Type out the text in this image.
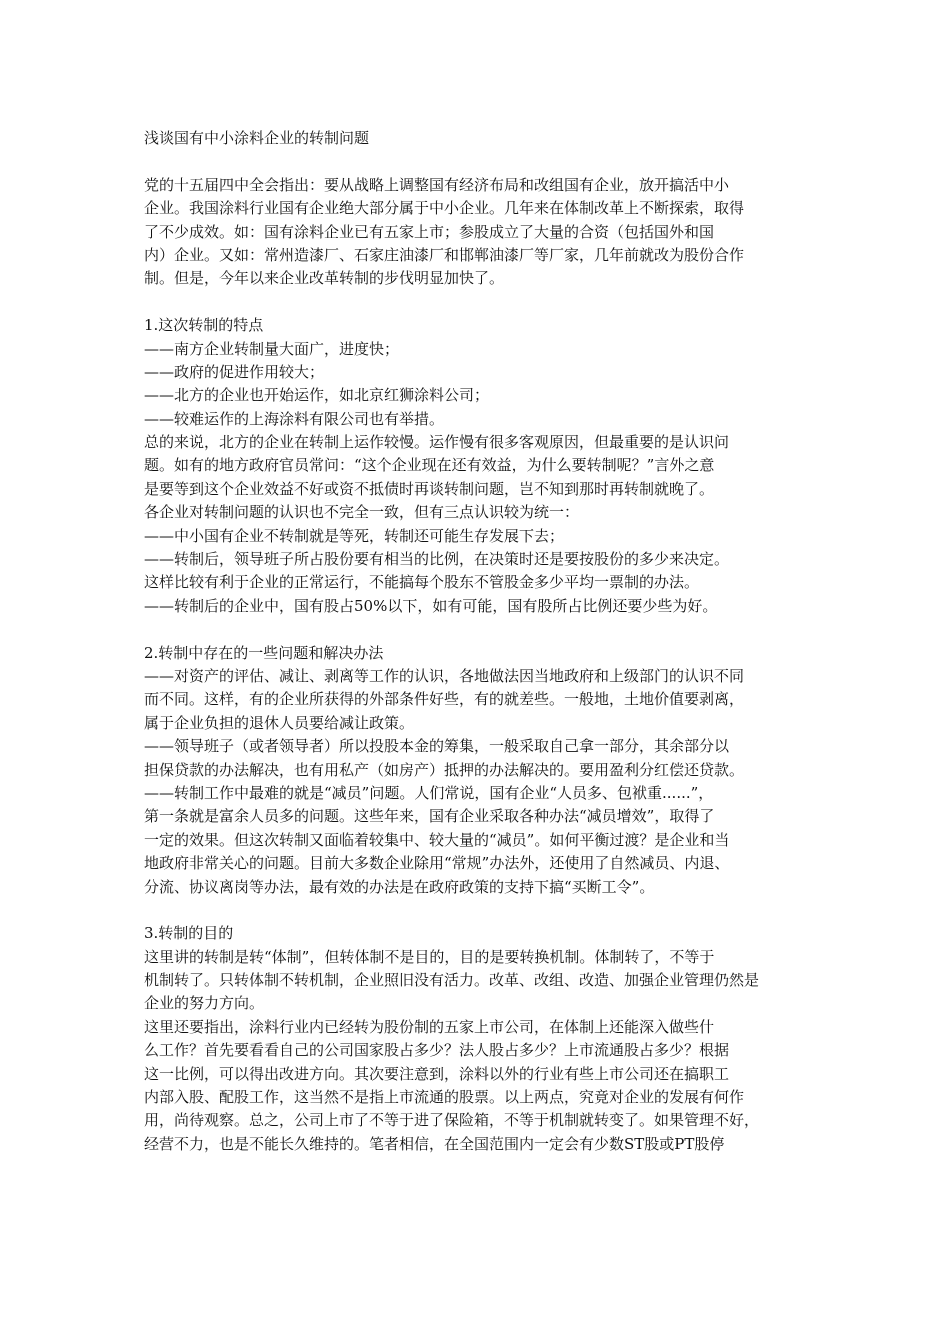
浅谈国有中小涂料企业的转制问题
党的十五届四中全会指出：要从战略上调整国有经济布局和改组国有企业，放开搞活中小
企业。我国涂料行业国有企业绝大部分属于中小企业。几年来在体制改革上不断探索，取得
了不少成效。如：国有涂料企业已有五家上市；参股成立了大量的合资（包括国外和国
内）企业。又如：常州造漆厂、石家庄油漆厂和邯郸油漆厂等厂家，几年前就改为股份合作
制。但是，今年以来企业改革转制的步伐明显加快了。
1.这次转制的特点
——南方企业转制量大面广，进度快；
——政府的促进作用较大；
——北方的企业也开始运作，如北京红狮涂料公司；
——较难运作的上海涂料有限公司也有举措。
总的来说，北方的企业在转制上运作较慢。运作慢有很多客观原因，但最重要的是认识问
题。如有的地方政府官员常问：“这个企业现在还有效益，为什么要转制呢？”言外之意
是要等到这个企业效益不好或资不抵债时再谈转制问题，岂不知到那时再转制就晚了。
各企业对转制问题的认识也不完全一致，但有三点认识较为统一：
——中小国有企业不转制就是等死，转制还可能生存发展下去；
——转制后，领导班子所占股份要有相当的比例，在决策时还是要按股份的多少来决定。
这样比较有利于企业的正常运行，不能搞每个股东不管股金多少平均一票制的办法。
——转制后的企业中，国有股占50%以下，如有可能，国有股所占比例还要少些为好。
2.转制中存在的一些问题和解决办法
——对资产的评估、减让、剥离等工作的认识，各地做法因当地政府和上级部门的认识不同
而不同。这样，有的企业所获得的外部条件好些，有的就差些。一般地，土地价值要剥离，
属于企业负担的退休人员要给减让政策。
——领导班子（或者领导者）所以投股本金的筹集，一般采取自己拿一部分，其余部分以
担保贷款的办法解决，也有用私产（如房产）抵押的办法解决的。要用盈利分红偿还贷款。
——转制工作中最难的就是“减员”问题。人们常说，国有企业“人员多、包袱重......”，
第一条就是富余人员多的问题。这些年来，国有企业采取各种办法“减员增效”，取得了
一定的效果。但这次转制又面临着较集中、较大量的“减员”。如何平衡过渡？是企业和当
地政府非常关心的问题。目前大多数企业除用“常规”办法外，还使用了自然减员、内退、
分流、协议离岗等办法，最有效的办法是在政府政策的支持下搞“买断工令”。
3.转制的目的
这里讲的转制是转“体制”，但转体制不是目的，目的是要转换机制。体制转了，不等于
机制转了。只转体制不转机制，企业照旧没有活力。改革、改组、改造、加强企业管理仍然是
企业的努力方向。
这里还要指出，涂料行业内已经转为股份制的五家上市公司，在体制上还能深入做些什
么工作？首先要看看自己的公司国家股占多少？法人股占多少？上市流通股占多少？根据
这一比例，可以得出改进方向。其次要注意到，涂料以外的行业有些上市公司还在搞职工
内部入股、配股工作，这当然不是指上市流通的股票。以上两点，究竟对企业的发展有何作
用，尚待观察。总之，公司上市了不等于进了保险箱，不等于机制就转变了。如果管理不好，
经营不力，也是不能长久维持的。笔者相信，在全国范围内一定会有少数ST股或PT股停
